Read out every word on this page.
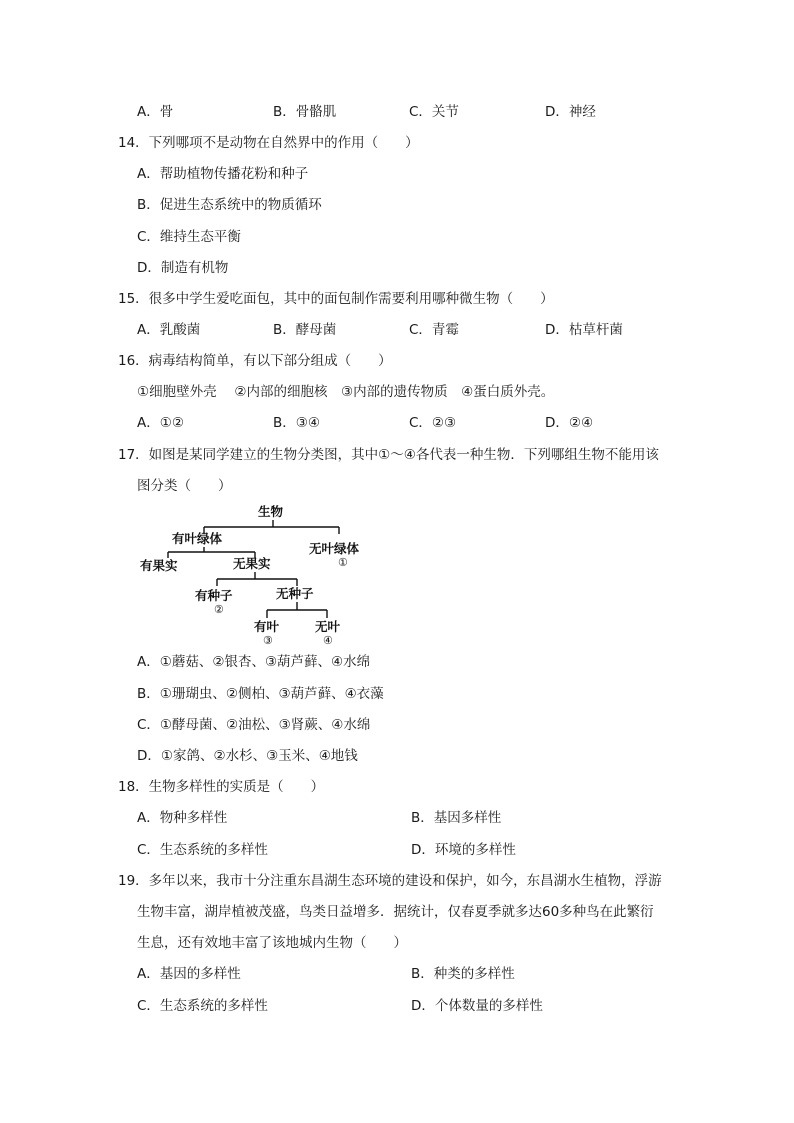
A．骨	B．骨骼肌	C．关节	D．神经
14．下列哪项不是动物在自然界中的作用（　　）
A．帮助植物传播花粉和种子
B．促进生态系统中的物质循环
C．维持生态平衡
D．制造有机物
15．很多中学生爱吃面包，其中的面包制作需要利用哪种微生物（　　）
A．乳酸菌	B．酵母菌	C．青霉	D．枯草杆菌
16．病毒结构简单，有以下部分组成（　　）
①细胞壁外壳　 ②内部的细胞核　③内部的遗传物质　④蛋白质外壳。
A．①②	B．③④	C．②③	D．②④
17．如图是某同学建立的生物分类图，其中①～④各代表一种生物．下列哪组生物不能用该
图分类（　　）
生物
有叶绿体
无叶绿体
①
有果实	无果实
有种子
②
无种子
有叶
③
无叶
④
A．①蘑菇、②银杏、③葫芦藓、④水绵
B．①珊瑚虫、②侧柏、③葫芦藓、④衣藻
C．①酵母菌、②油松、③肾蕨、④水绵
D．①家鸽、②水杉、③玉米、④地钱
18．生物多样性的实质是（　　）
A．物种多样性	B．基因多样性
C．生态系统的多样性	D．环境的多样性
19．多年以来，我市十分注重东昌湖生态环境的建设和保护，如今，东昌湖水生植物，浮游
生物丰富，湖岸植被茂盛，鸟类日益增多．据统计，仅春夏季就多达60多种鸟在此繁衍
生息，还有效地丰富了该地城内生物（　　）
A．基因的多样性	B．种类的多样性
C．生态系统的多样性	D．个体数量的多样性
